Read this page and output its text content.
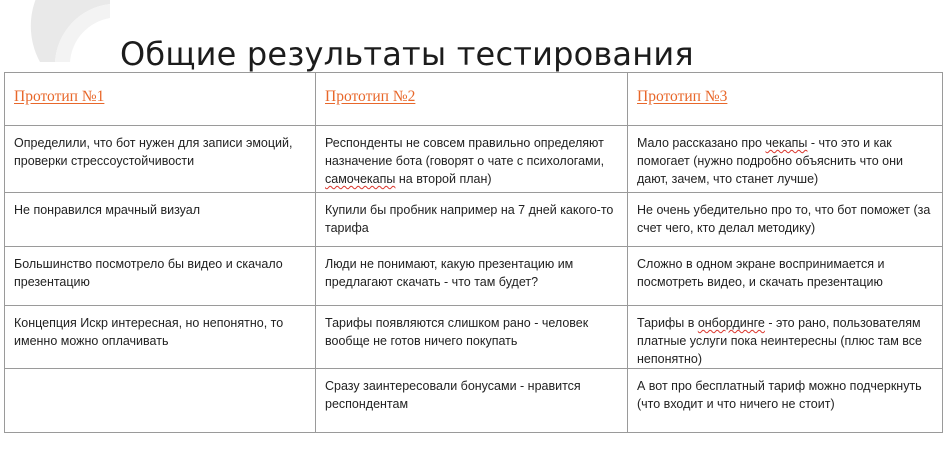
Общие результаты тестирования
Прототип №1	Прототип №2	Прототип №3
Определили, что бот нужен для записи эмоций, проверки стрессоустойчивости	Респонденты не совсем правильно определяют назначение бота (говорят о чате с психологами, самочекапы на второй план)	Мало рассказано про чекапы - что это и как помогает (нужно подробно объяснить что они дают, зачем, что станет лучше)
Не понравился мрачный визуал	Купили бы пробник например на 7 дней какого-то тарифа	Не очень убедительно про то, что бот поможет (за счет чего, кто делал методику)
Большинство посмотрело бы видео и скачало презентацию	Люди не понимают, какую презентацию им предлагают скачать - что там будет?	Сложно в одном экране воспринимается и посмотреть видео, и скачать презентацию
Концепция Искр интересная, но непонятно, то именно можно оплачивать	Тарифы появляются слишком рано - человек вообще не готов ничего покупать	Тарифы в онбординге - это рано, пользователям платные услуги пока неинтересны (плюс там все непонятно)
	Сразу заинтересовали бонусами - нравится респондентам	А вот про бесплатный тариф можно подчеркнуть (что входит и что ничего не стоит)
